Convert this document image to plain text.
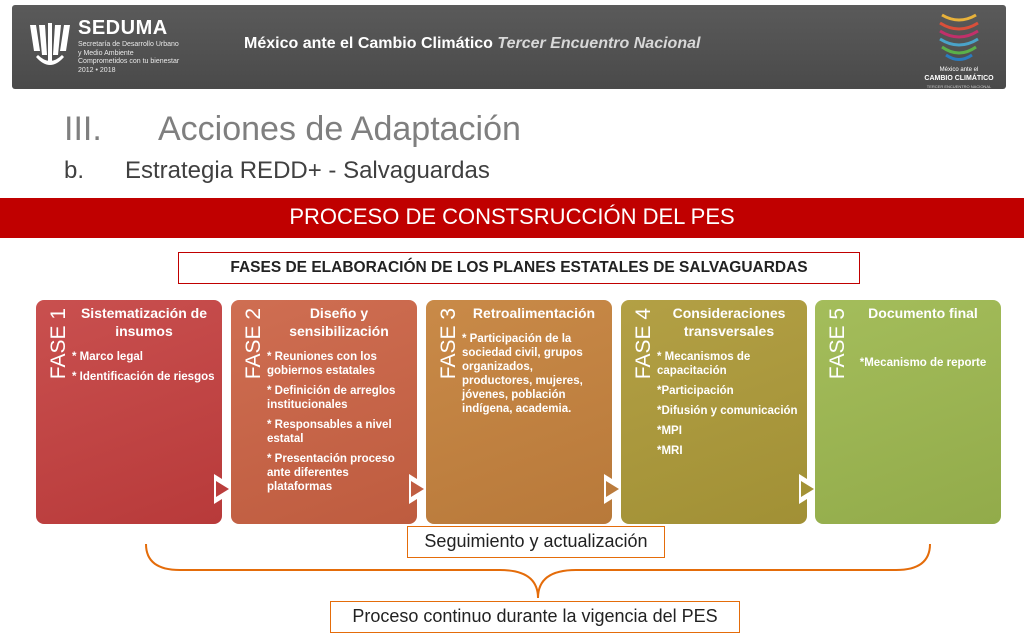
SEDUMA
Secretaría de Desarrollo Urbano
y Medio Ambiente
Comprometidos con tu bienestar
2012 • 2018
México ante el Cambio Climático Tercer Encuentro Nacional
México ante el
CAMBIO CLIMÁTICO
TERCER ENCUENTRO NACIONAL
III. Acciones de Adaptación
b. Estrategia REDD+ - Salvaguardas
PROCESO DE CONSTSRUCCIÓN DEL PES
FASES DE ELABORACIÓN DE LOS PLANES ESTATALES DE SALVAGUARDAS
FASE 1 Sistematización de insumos

* Marco legal

* Identificación de riesgos FASE 2	Diseño y sensibilización

* Reuniones con los gobiernos estatales

* Definición de arreglos institucionales

* Responsables a nivel estatal

* Presentación proceso ante diferentes plataformas

FASE 3 Retroalimentación

* Participación de la sociedad civil, grupos organizados, productores, mujeres, jóvenes, población indígena, academia.

FASE 4	Consideraciones transversales

* Mecanismos de capacitación

*Participación

*Difusión y comunicación

*MPI

*MRI

FASE 5	Documento final

*Mecanismo de reporte

Seguimiento y actualización
Proceso continuo durante la vigencia del PES
